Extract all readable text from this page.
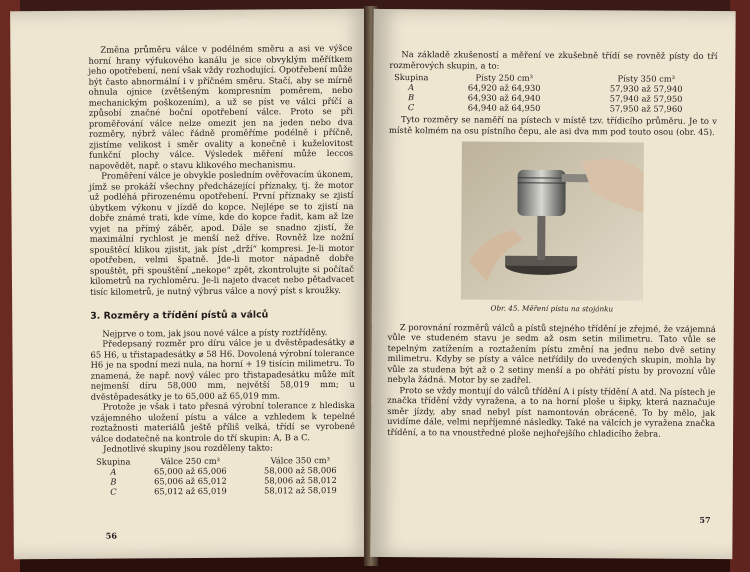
Změna průměru válce v podélném směru a asi ve výšce horní hrany výfukového kanálu je sice obvyklým měřítkem jeho opotřebení, není však vždy rozhodující. Opotřebení může být často abnormální i v příčném směru. Stačí, aby se mírně ohnula ojnice (zvětšeným kompresním poměrem, nebo mechanickým poškozením), a už se píst ve válci příčí a způsobí značné boční opotřebení válce. Proto se při proměřování válce nelze omezit jen na jeden nebo dva rozměry, nýbrž válec řádně proměříme podélně i příčně, zjistíme velikost i směr ovality a konečně i kuželovitost funkční plochy válce. Výsledek měření může leccos napovědět, např. o stavu klikového mechanismu.

Proměření válce je obvykle posledním ověřovacím úkonem, jímž se prokáží všechny předcházející příznaky, tj. že motor už podléhá přirozenému opotřebení. První příznaky se zjistí úbytkem výkonu v jízdě do kopce. Nejlépe se to zjistí na dobře známé trati, kde víme, kde do kopce řadit, kam až lze vyjet na přímý záběr, apod. Dále se snadno zjistí, že maximální rychlost je menší než dříve. Rovněž lze nožní spouštěcí klikou zjistit, jak píst „drží“ kompresi. Je-li motor opotřeben, velmi špatně. Jde-li motor nápadně dobře spouštět, při spouštění „nekope“ zpět, zkontrolujte si počítač kilometrů na rychloměru. Je-li najeto dvacet nebo pětadvacet tisíc kilometrů, je nutný výbrus válce a nový píst s kroužky.

3. Rozměry a třídění pístů a válců

Nejprve o tom, jak jsou nové válce a písty roztříděny.

Předepsaný rozměr pro díru válce je u dvěstěpadesátky ⌀ 65 H6, u třistapadesátky ⌀ 58 H6. Dovolená výrobní tolerance H6 je na spodní mezi nula, na horní + 19 tisícin milimetru. To znamená, že např. nový válec pro třistapadesátku může mít nejmenší díru 58,000 mm, největší 58,019 mm; u dvěstěpadesátky je to 65,000 až 65,019 mm.

Protože je však i tato přesná výrobní tolerance z hlediska vzájemného uložení pístu a válce a vzhledem k tepelné roztažnosti materiálů ještě příliš velká, třídí se vyrobené válce dodatečně na kontrole do tří skupin: A, B a C.

Jednotlivé skupiny jsou rozděleny takto:

Skupina	Válce 250 cm³	Válce 350 cm³
A	65,000 až 65,006	58,000 až 58,006
B	65,006 až 65,012	58,006 až 58,012
C	65,012 až 65,019	58,012 až 58,019
56

Na základě zkušeností a měření ve zkušebně třídí se rovněž písty do tří rozměrových skupin, a to:

Skupina	Písty 250 cm³	Písty 350 cm³
A	64,920 až 64,930	57,930 až 57,940
B	64,930 až 64,940	57,940 až 57,950
C	64,940 až 64,950	57,950 až 57,960

Tyto rozměry se naměří na pístech v místě tzv. třídicího průměru. Je to v místě kolmém na osu pístního čepu, ale asi dva mm pod touto osou (obr. 45).

Obr. 45. Měření pístu na stojánku

Z porovnání rozměrů válců a pístů stejného třídění je zřejmé, že vzájemná vůle ve studeném stavu je sedm až osm setin milimetru. Tato vůle se tepelným zatížením a roztažením pístu změní na jednu nebo dvě setiny milimetru. Kdyby se písty a válce netřídily do uvedených skupin, mohla by vůle za studena být až o 2 setiny menší a po ohřátí pístu by provozní vůle nebyla žádná. Motor by se zadřel.

Proto se vždy montují do válců třídění A i písty třídění A atd. Na pístech je značka třídění vždy vyražena, a to na horní ploše u šipky, která naznačuje směr jízdy, aby snad nebyl píst namontován obráceně. To by mělo, jak uvidíme dále, velmi nepříjemné následky. Také na válcích je vyražena značka třídění, a to na vnoustředné ploše nejhořejšího chladicího žebra.

57
